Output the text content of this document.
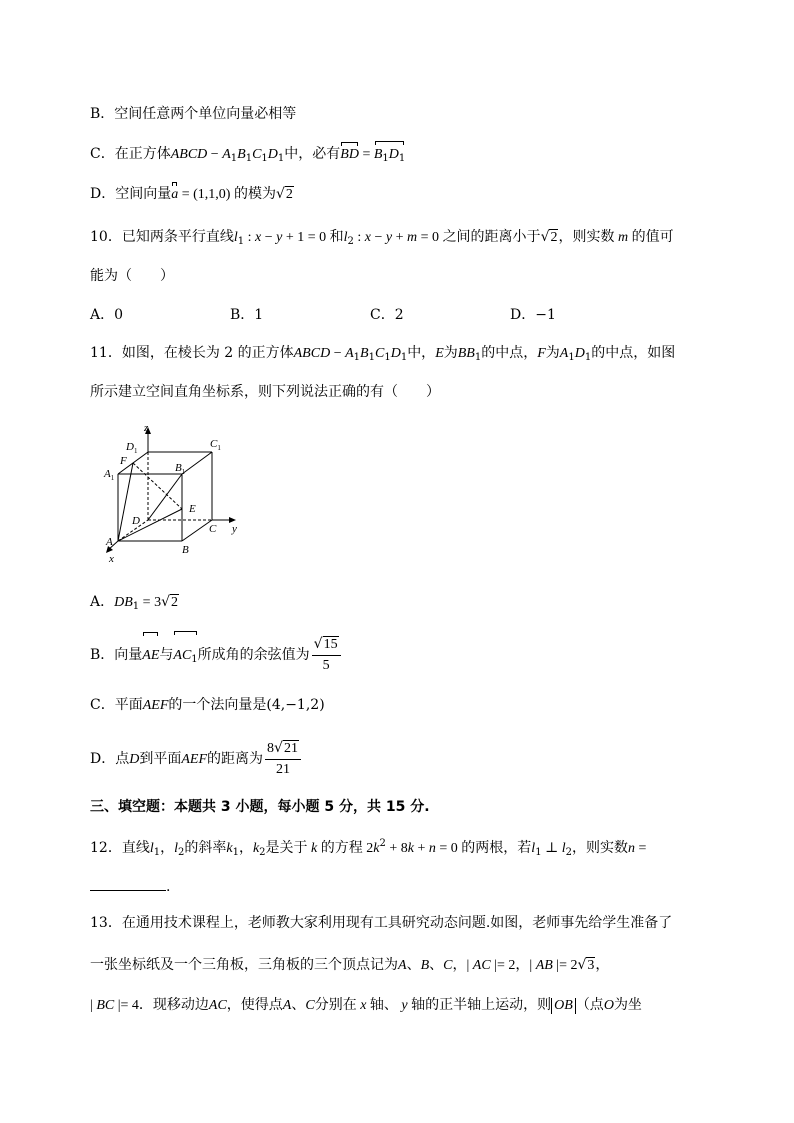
B．空间任意两个单位向量必相等
C．在正方体ABCD − $A_1B_1C_1D_1$中，必有BD = $B_1D_1$
D．空间向量a = (1,1,0) 的模为√2
10．已知两条平行直线$l_1$ : x − y + 1 = 0 和$l_2$ : x − y + m = 0 之间的距离小于√2，则实数 m 的值可
能为（　　）
A．0	B．1	C．2	D．−1
11．如图，在棱长为 2 的正方体ABCD − $A_1B_1C_1D_1$中，E为$BB_1$的中点，F为$A_1D_1$的中点，如图
所示建立空间直角坐标系，则下列说法正确的有（　　）
z
y
x
$D_1$
$C_1$
$A_1$
$B_1$
F
E
D
C
A
B
A．$DB_1 = 3√2$
B．向量AE与$AC_1$所成角的余弦值为 $\frac{√15}{5}$
C．平面AEF的一个法向量是(4,−1,2)
D．点D到平面AEF的距离为 $\frac{8√21}{21}$
三、填空题：本题共 3 小题，每小题 5 分，共 15 分.
12．直线$l_1$，$l_2$的斜率$k_1$，$k_2$是关于 k 的方程 $2k^2 + 8k + n = 0$ 的两根，若$l_1$ ⊥ $l_2$，则实数n =
.
13．在通用技术课程上，老师教大家利用现有工具研究动态问题.如图，老师事先给学生准备了
一张坐标纸及一个三角板，三角板的三个顶点记为A、B、C，| AC |= 2，| AB |= 2√3，
| BC |= 4．现移动边AC，使得点A、C分别在 x 轴、 y 轴的正半轴上运动，则 OB （点O为坐
